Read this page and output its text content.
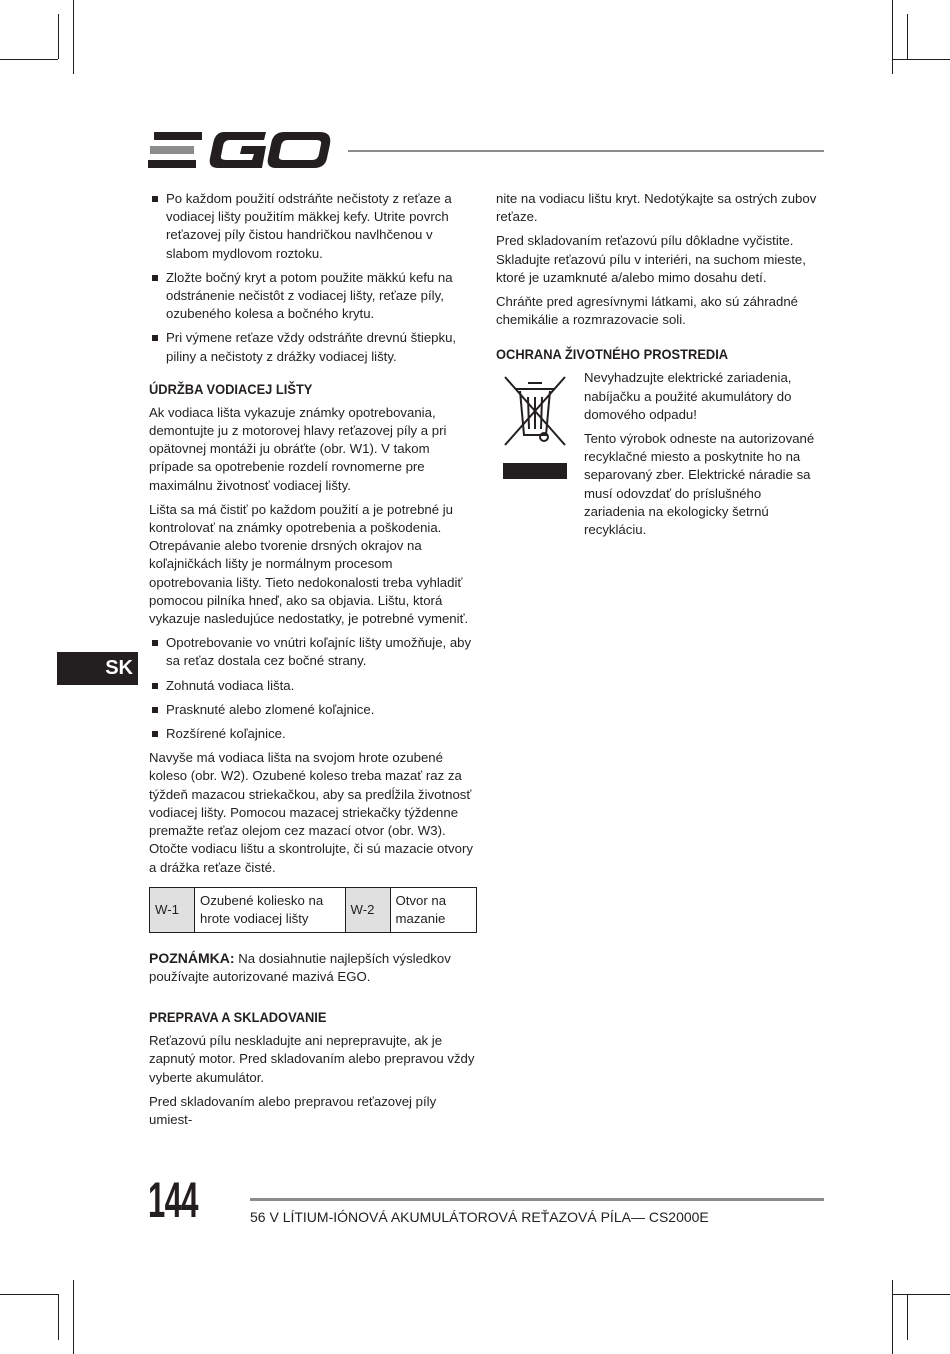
Po každom použití odstráňte nečistoty z reťaze a vodiacej lišty použitím mäkkej kefy. Utrite povrch reťazovej píly čistou handričkou navlhčenou v slabom mydlovom roztoku.
Zložte bočný kryt a potom použite mäkkú kefu na odstránenie nečistôt z vodiacej lišty, reťaze píly, ozubeného kolesa a bočného krytu.
Pri výmene reťaze vždy odstráňte drevnú štiepku, piliny a nečistoty z drážky vodiacej lišty.
ÚDRŽBA VODIACEJ LIŠTY

Ak vodiaca lišta vykazuje známky opotrebovania, demontujte ju z motorovej hlavy reťazovej píly a pri opätovnej montáži ju obráťte (obr. W1). V takom prípade sa opotrebenie rozdelí rovnomerne pre maximálnu životnosť vodiacej lišty.

Lišta sa má čistiť po každom použití a je potrebné ju kontrolovať na známky opotrebenia a poškodenia. Otrepávanie alebo tvorenie drsných okrajov na koľajničkách lišty je normálnym procesom opotrebovania lišty. Tieto nedokonalosti treba vyhladiť pomocou pilníka hneď, ako sa objavia. Lištu, ktorá vykazuje nasledujúce nedostatky, je potrebné vymeniť.

Opotrebovanie vo vnútri koľajníc lišty umožňuje, aby sa reťaz dostala cez bočné strany.
Zohnutá vodiaca lišta.
Prasknuté alebo zlomené koľajnice.
Rozšírené koľajnice.

Navyše má vodiaca lišta na svojom hrote ozubené koleso (obr. W2). Ozubené koleso treba mazať raz za týždeň mazacou striekačkou, aby sa predĺžila životnosť vodiacej lišty. Pomocou mazacej striekačky týždenne premažte reťaz olejom cez mazací otvor (obr. W3). Otočte vodiacu lištu a skontrolujte, či sú mazacie otvory a drážka reťaze čisté.

W-1	Ozubené koliesko na hrote vodiacej lišty	W-2	Otvor na mazanie

POZNÁMKA: Na dosiahnutie najlepších výsledkov používajte autorizované mazivá EGO.

PREPRAVA A SKLADOVANIE

Reťazovú pílu neskladujte ani neprepravujte, ak je zapnutý motor. Pred skladovaním alebo prepravou vždy vyberte akumulátor.

Pred skladovaním alebo prepravou reťazovej píly umiest-

nite na vodiacu lištu kryt. Nedotýkajte sa ostrých zubov reťaze.

Pred skladovaním reťazovú pílu dôkladne vyčistite. Skladujte reťazovú pílu v interiéri, na suchom mieste, ktoré je uzamknuté a/alebo mimo dosahu detí.

Chráňte pred agresívnymi látkami, ako sú záhradné chemikálie a rozmrazovacie soli.

OCHRANA ŽIVOTNÉHO PROSTREDIA

Nevyhadzujte elektrické zariadenia, nabíjačku a použité akumulátory do domového odpadu!

Tento výrobok odneste na autorizované recyklačné miesto a poskytnite ho na separovaný zber. Elektrické náradie sa musí odovzdať do príslušného zariadenia na ekologicky šetrnú recykláciu.

SK
144	56 V LÍTIUM-IÓNOVÁ AKUMULÁTOROVÁ REŤAZOVÁ PÍLA— CS2000E
